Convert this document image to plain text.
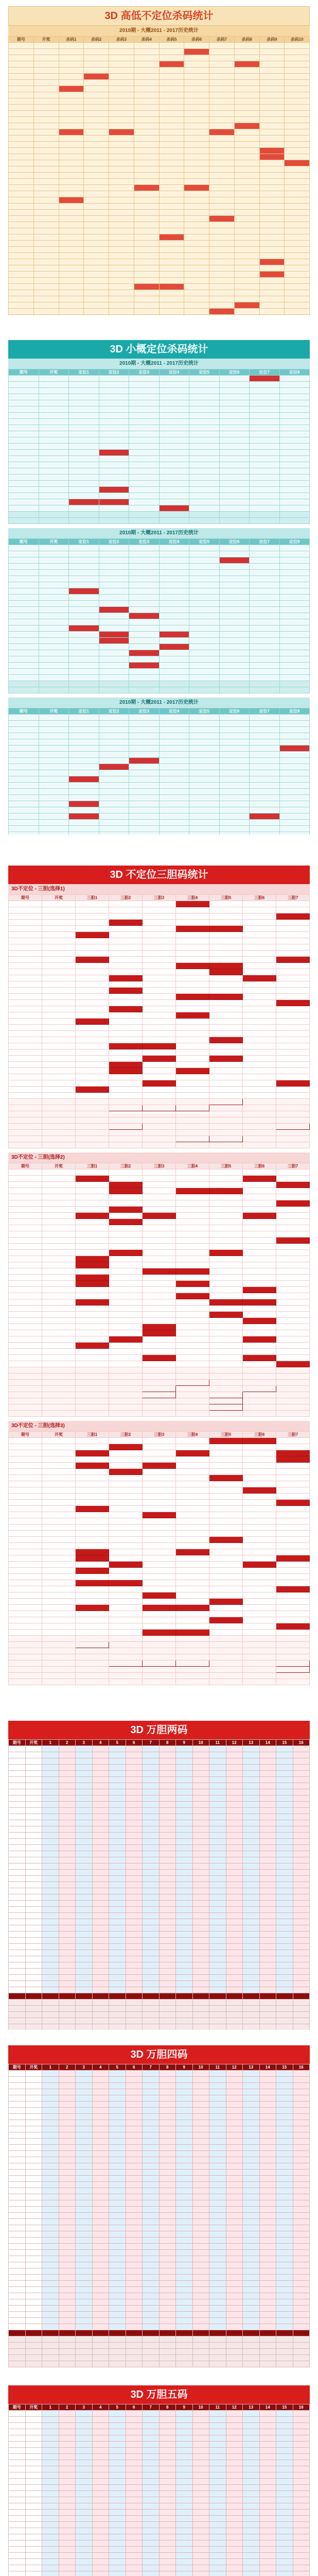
3D 高低不定位杀码统计
2010期 - 大概2011 - 2017历史统计
期号	开奖	杀码1	杀码2	杀码3	杀码4	杀码5	杀码6	杀码7	杀码8	杀码9	杀码10

3D 小概定位杀码统计
2010期 - 大概2011 - 2017历史统计
期号	开奖	定位1	定位2	定位3	定位4	定位5	定位6	定位7	定位8

2010期 - 大概2011 - 2017历史统计
期号	开奖	定位1	定位2	定位3	定位4	定位5	定位6	定位7	定位8

2010期 - 大概2011 - 2017历史统计
期号	开奖	定位1	定位2	定位3	定位4	定位5	定位6	定位7	定位8

3D 不定位三胆码统计
3D不定位 - 三胆(选择1)
期号	开奖	三胆1	三胆2	三胆3	三胆4	三胆5	三胆6	三胆7

3D不定位 - 三胆(选择2)
期号	开奖	三胆1	三胆2	三胆3	三胆4	三胆5	三胆6	三胆7

3D不定位 - 三胆(选择3)
期号	开奖	三胆1	三胆2	三胆3	三胆4	三胆5	三胆6	三胆7

3D 万胆两码
期号	开奖	1	2	3	4	5	6	7	8	9	10	11	12	13	14	15	16

3D 万胆四码
期号	开奖	1	2	3	4	5	6	7	8	9	10	11	12	13	14	15	16

3D 万胆五码
期号	开奖	1	2	3	4	5	6	7	8	9	10	11	12	13	14	15	16
